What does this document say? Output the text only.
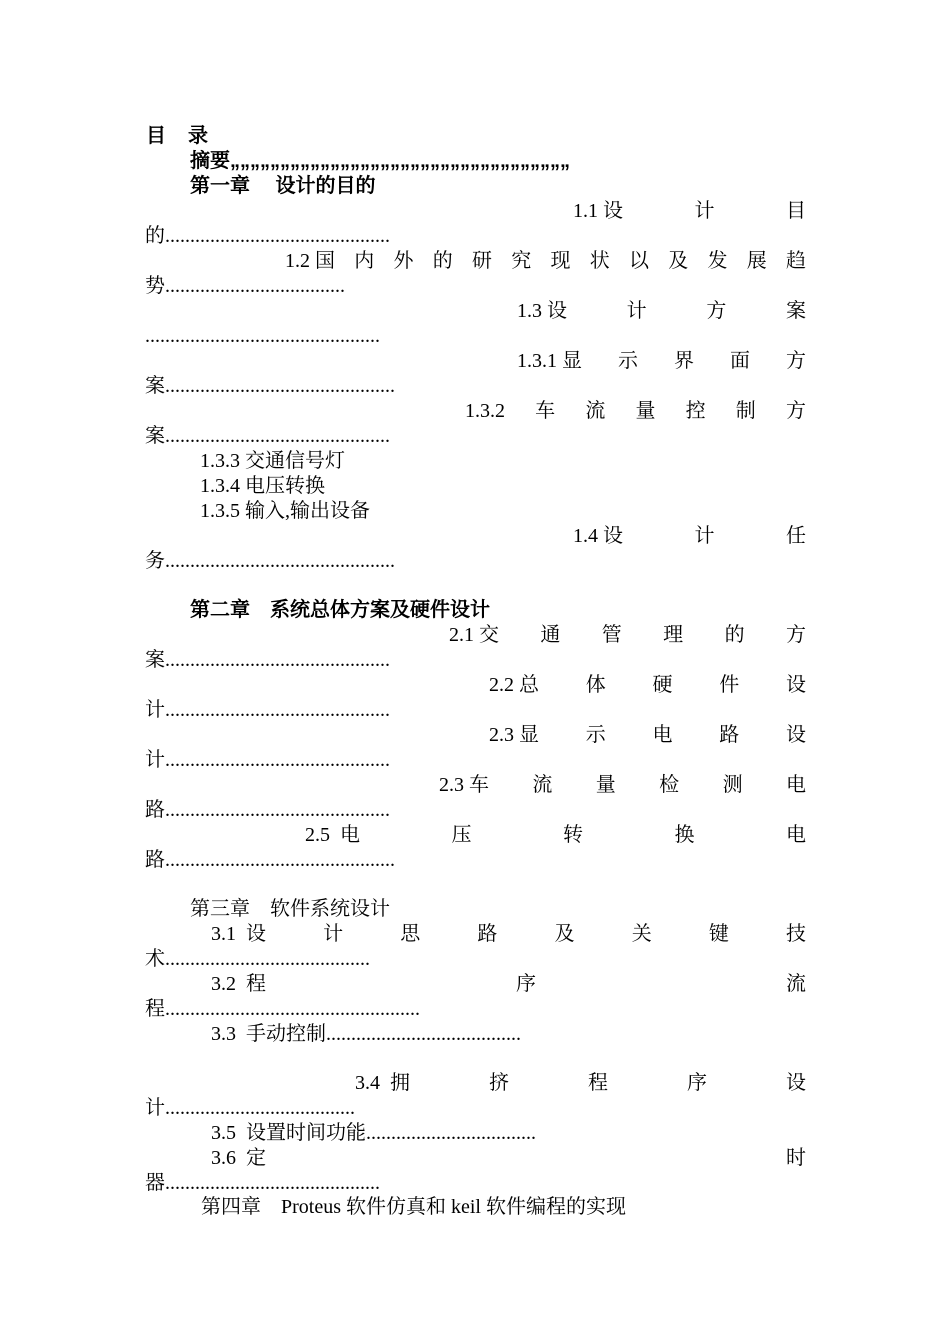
目 录
摘要„„„„„„„„„„„„„„„„„„„„„„„„„„„„„„„„„„
第一章　 设计的目的
1.1 设	计	目
的.............................................
1.2 国 内 外 的 研 究 现 状 以 及 发 展 趋
势....................................
1.3 设	计	方	案
...............................................
1.3.1 显 示 界 面 方
案..............................................
1.3.2 车 流 量 控 制 方
案.............................................
1.3.3 交通信号灯
1.3.4 电压转换
1.3.5 输入,输出设备
1.4 设	计	任
务..............................................
第二章　系统总体方案及硬件设计
2.1 交 通 管 理 的 方
案.............................................
2.2 总 体 硬 件 设
计.............................................
2.3 显 示 电 路 设
计.............................................
2.3 车 流 量 检 测 电
路.............................................
2.5  电	压	转	换	电
路..............................................
第三章　软件系统设计
3.1  设	计	思	路	及	关	键	技
术.........................................
3.2  程	序	流
程...................................................
3.3  手动控制.......................................
3.4  拥	挤	程	序	设
计......................................
3.5  设置时间功能..................................
3.6  定	时
器...........................................
第四章　Proteus 软件仿真和 keil 软件编程的实现
